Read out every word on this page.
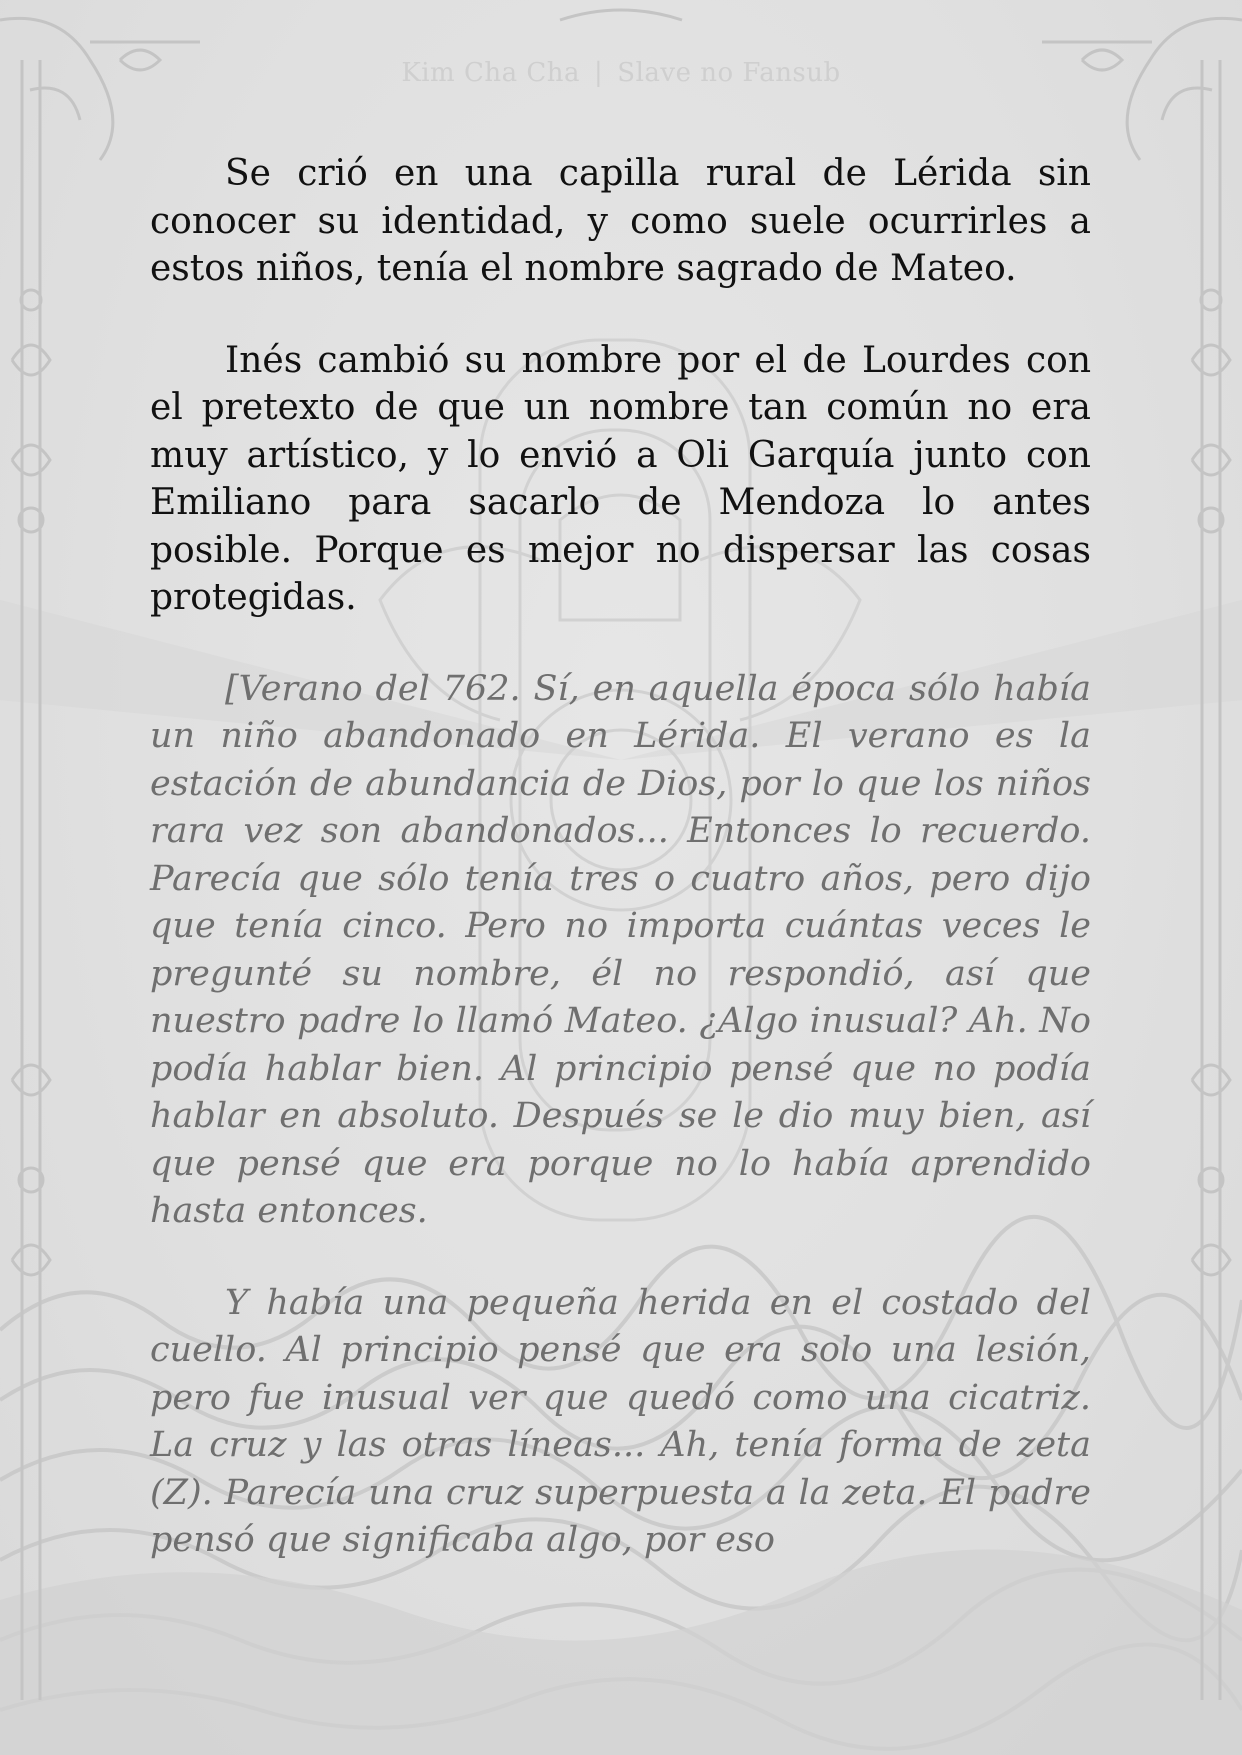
Kim Cha Cha | Slave no Fansub

Se crió en una capilla rural de Lérida sin conocer su identidad, y como suele ocurrirles a estos niños, tenía el nombre sagrado de Mateo.

Inés cambió su nombre por el de Lourdes con el pretexto de que un nombre tan común no era muy artístico, y lo envió a Oli Garquía junto con Emiliano para sacarlo de Mendoza lo antes posible. Porque es mejor no dispersar las cosas protegidas.

[Verano del 762. Sí, en aquella época sólo había un niño abandonado en Lérida. El verano es la estación de abundancia de Dios, por lo que los niños rara vez son abandonados... Entonces lo recuerdo. Parecía que sólo tenía tres o cuatro años, pero dijo que tenía cinco. Pero no importa cuántas veces le pregunté su nombre, él no respondió, así que nuestro padre lo llamó Mateo. ¿Algo inusual? Ah. No podía hablar bien. Al principio pensé que no podía hablar en absoluto. Después se le dio muy bien, así que pensé que era porque no lo había aprendido hasta entonces.

Y había una pequeña herida en el costado del cuello. Al principio pensé que era solo una lesión, pero fue inusual ver que quedó como una cicatriz. La cruz y las otras líneas... Ah, tenía forma de zeta (Z). Parecía una cruz superpuesta a la zeta. El padre pensó que significaba algo, por eso
